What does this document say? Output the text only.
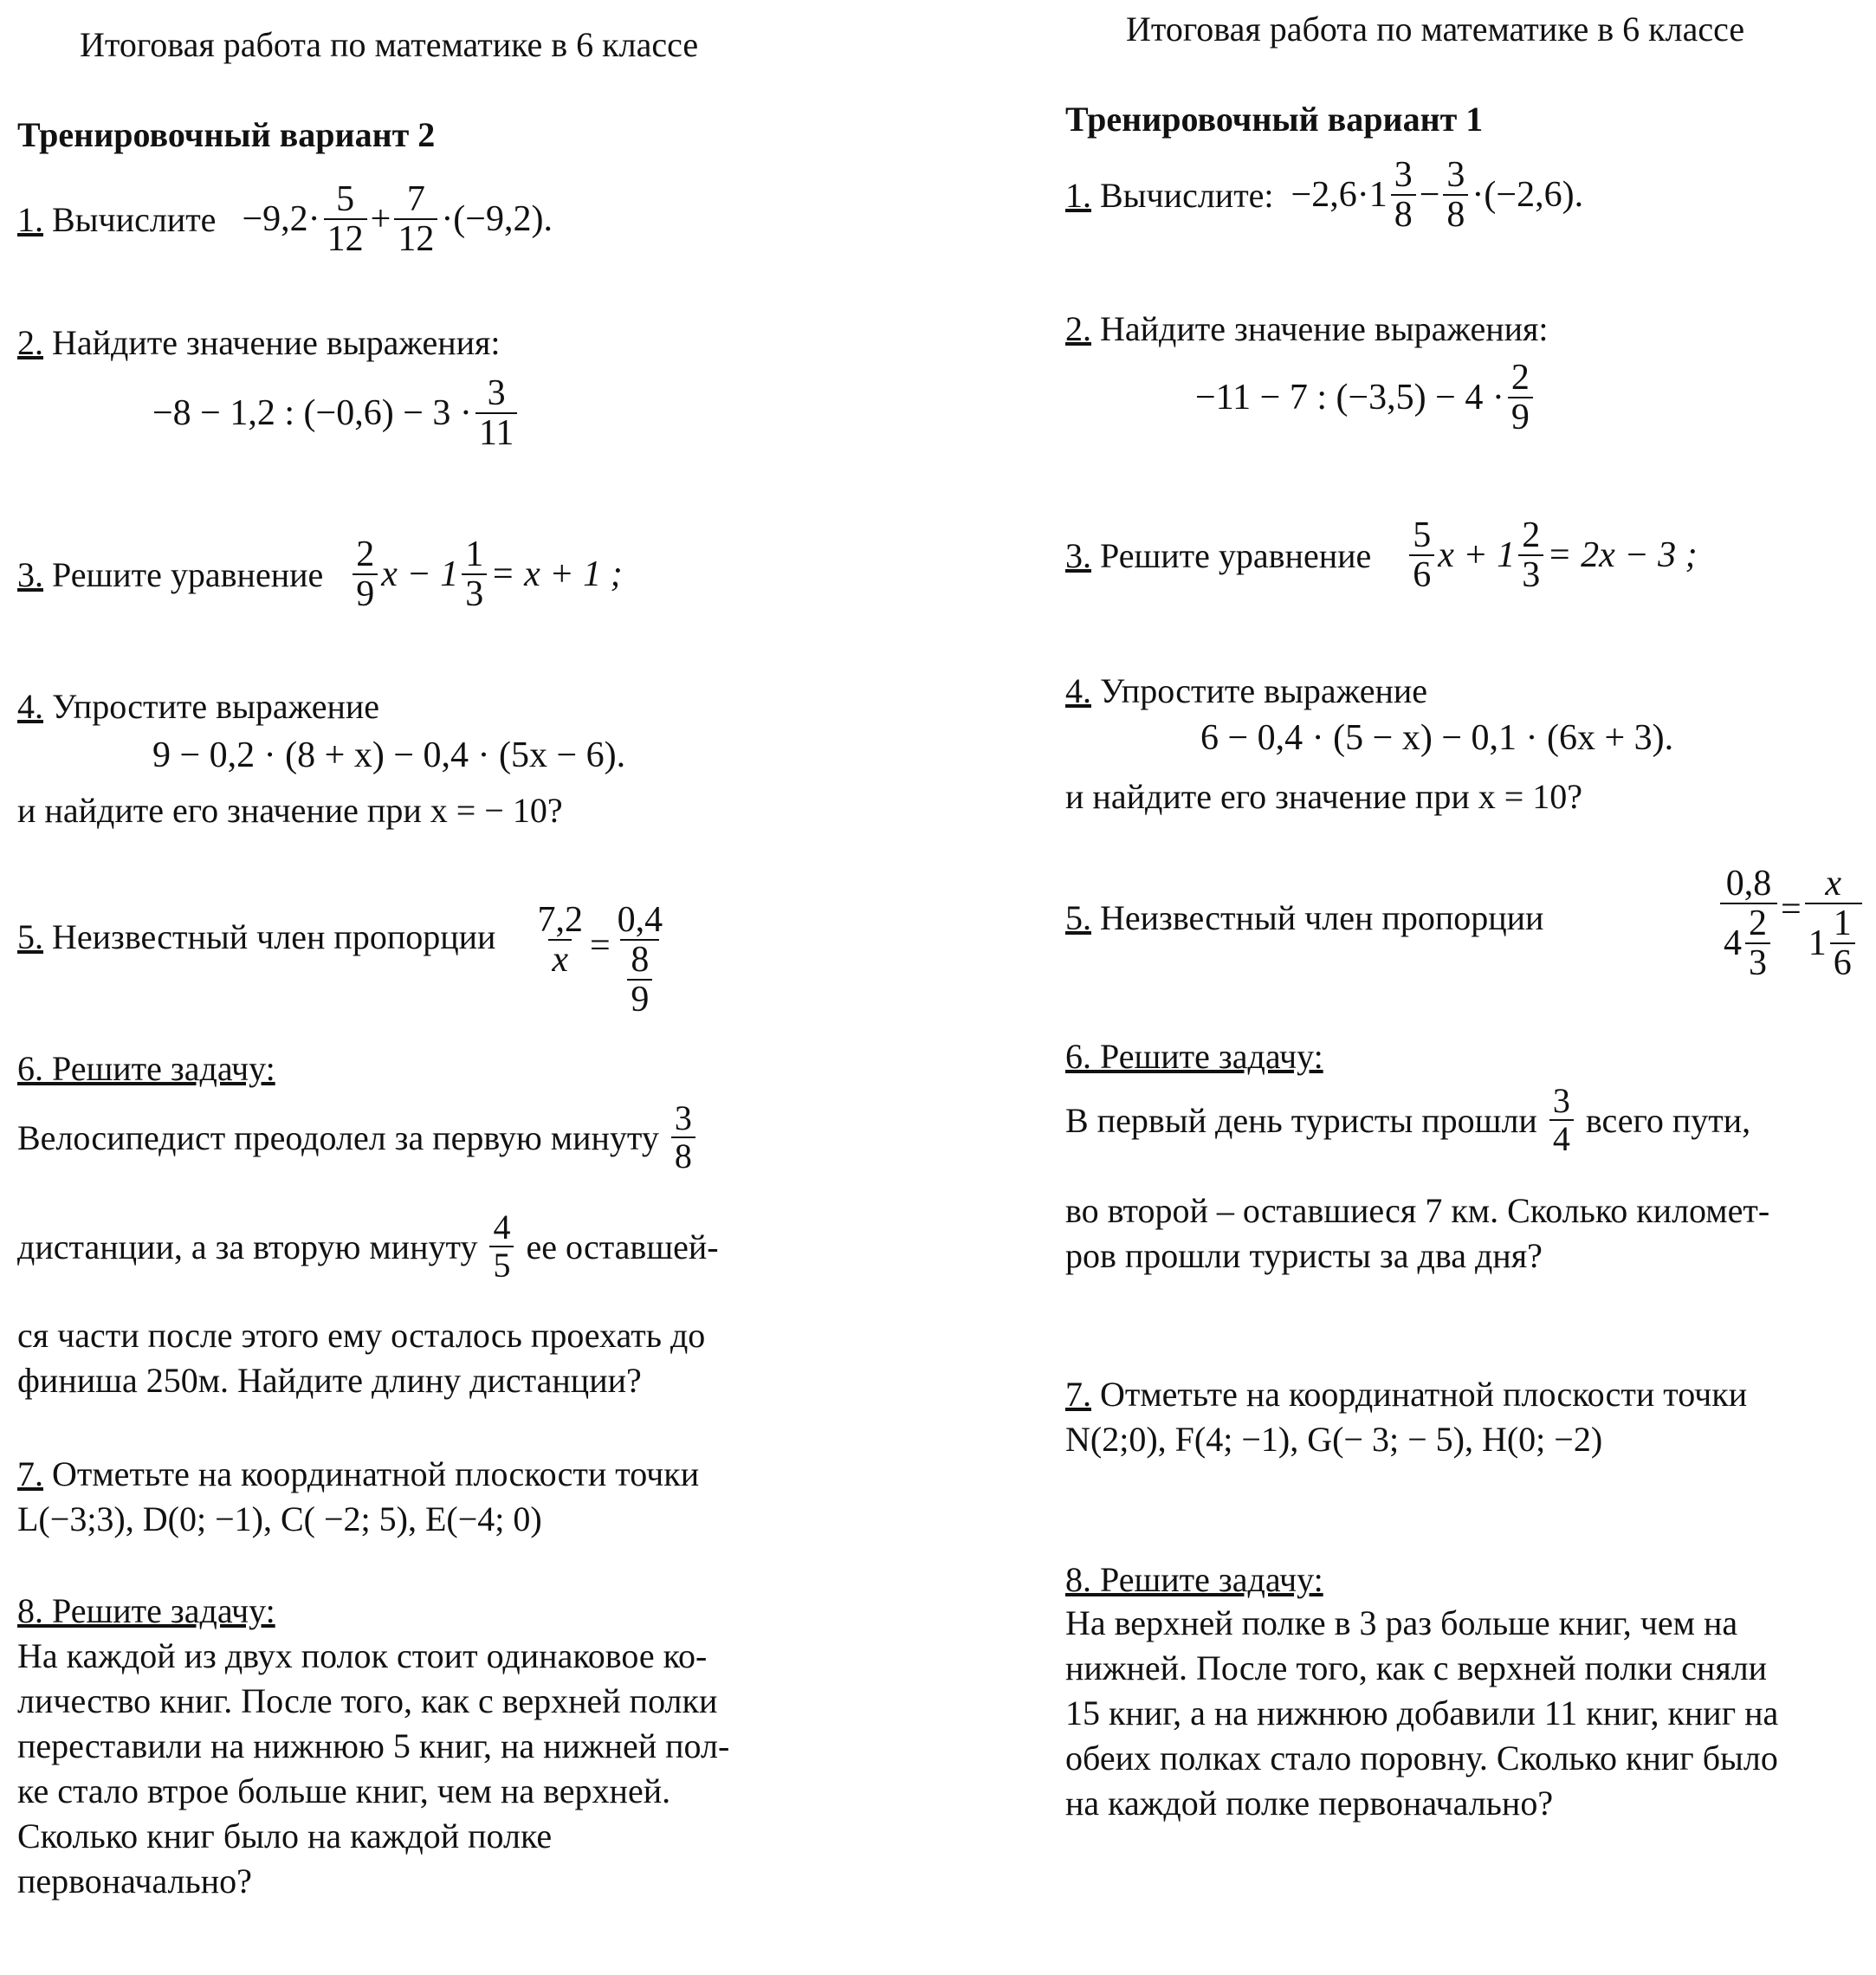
Итоговая работа по математике в 6 классе
Тренировочный вариант 2
1.
Вычислите
$-9,2\cdot \frac{5}{12} + \frac{7}{12} \cdot(-9,2)$.
2. Найдите значение выражения:
−8 − 1,2 : $(-0,6) - 3 \cdot \frac{3}{11}$
3.
Решите уравнение
$\frac{2}{9}$ $x - 1 \frac{1}{3} = x + 1$ ;
4. Упростите выражение
9 − 0,2 · (8 + x) − 0,4 · (5x − 6).
и найдите его значение при x = − 10?
5.
Неизвестный член пропорции
$\frac{7,2}{x} = \frac{0,4}{\frac{8}{9}}$
6. Решите задачу:
Велосипедист преодолел за первую минуту
$\frac{3}{8}$
дистанции, а за вторую минуту
$\frac{4}{5}$
ее оставшей-
ся части после этого ему осталось проехать до
финиша 250м. Найдите длину дистанции?
7. Отметьте на координатной плоскости точки
L(−3;3), D(0; −1), C( −2; 5), E(−4; 0)
8. Решите задачу:
На каждой из двух полок стоит одинаковое ко-
личество книг. После того, как с верхней полки
переставили на нижнюю 5 книг, на нижней пол-
ке стало втрое больше книг, чем на верхней.
Сколько книг было на каждой полке
первоначально?
Итоговая работа по математике в 6 классе
Тренировочный вариант 1
1.
Вычислите:
$-2,6\cdot 1 \frac{3}{8} - \frac{3}{8} \cdot(-2,6)$.
2. Найдите значение выражения:
−11 − 7 : $(-3,5) - 4 \cdot \frac{2}{9}$
3.
Решите уравнение
$\frac{5}{6}$ $x + 1 \frac{2}{3} = 2x - 3$ ;
4. Упростите выражение
6 − 0,4 · (5 − x) − 0,1 · (6x + 3).
и найдите его значение при x = 10?
5. Неизвестный член пропорции	$\frac{0,8}{4 \frac{2}{3}} = \frac{x}{1 \frac{1}{6}}$
6. Решите задачу:
В первый день туристы прошли
$\frac{3}{4}$
всего пути,
во второй – оставшиеся 7 км. Сколько километ-
ров прошли туристы за два дня?
7. Отметьте на координатной плоскости точки
N(2;0), F(4; −1), G(− 3; − 5), H(0; −2)
8. Решите задачу:
На верхней полке в 3 раз больше книг, чем на
нижней. После того, как с верхней полки сняли
15 книг, а на нижнюю добавили 11 книг, книг на
обеих полках стало поровну. Сколько книг было
на каждой полке первоначально?
